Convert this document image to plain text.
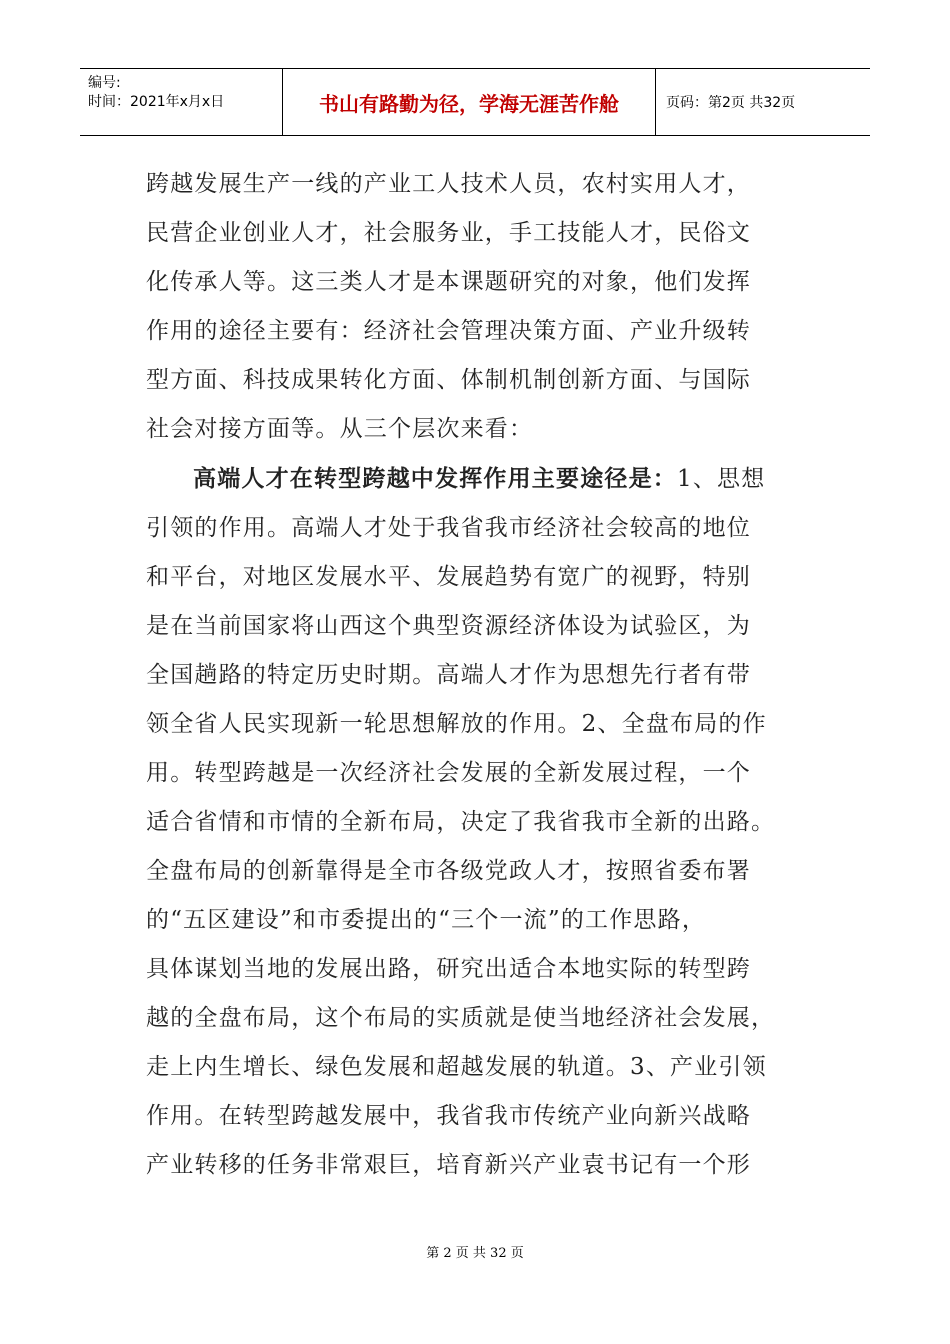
编号:
时间：2021年x月x日	书山有路勤为径，学海无涯苦作舱	页码：第2页 共32页

跨越发展生产一线的产业工人技术人员，农村实用人才，
民营企业创业人才，社会服务业，手工技能人才，民俗文
化传承人等。这三类人才是本课题研究的对象，他们发挥
作用的途径主要有：经济社会管理决策方面、产业升级转
型方面、科技成果转化方面、体制机制创新方面、与国际
社会对接方面等。从三个层次来看：

高端人才在转型跨越中发挥作用主要途径是：1、思想
引领的作用。高端人才处于我省我市经济社会较高的地位
和平台，对地区发展水平、发展趋势有宽广的视野，特别
是在当前国家将山西这个典型资源经济体设为试验区，为
全国趟路的特定历史时期。高端人才作为思想先行者有带
领全省人民实现新一轮思想解放的作用。2、全盘布局的作
用。转型跨越是一次经济社会发展的全新发展过程，一个
适合省情和市情的全新布局，决定了我省我市全新的出路。
全盘布局的创新靠得是全市各级党政人才，按照省委布署
的“五区建设”和市委提出的“三个一流”的工作思路，
具体谋划当地的发展出路，研究出适合本地实际的转型跨
越的全盘布局，这个布局的实质就是使当地经济社会发展，
走上内生增长、绿色发展和超越发展的轨道。3、产业引领
作用。在转型跨越发展中，我省我市传统产业向新兴战略
产业转移的任务非常艰巨，培育新兴产业袁书记有一个形

第 2 页 共 32 页
